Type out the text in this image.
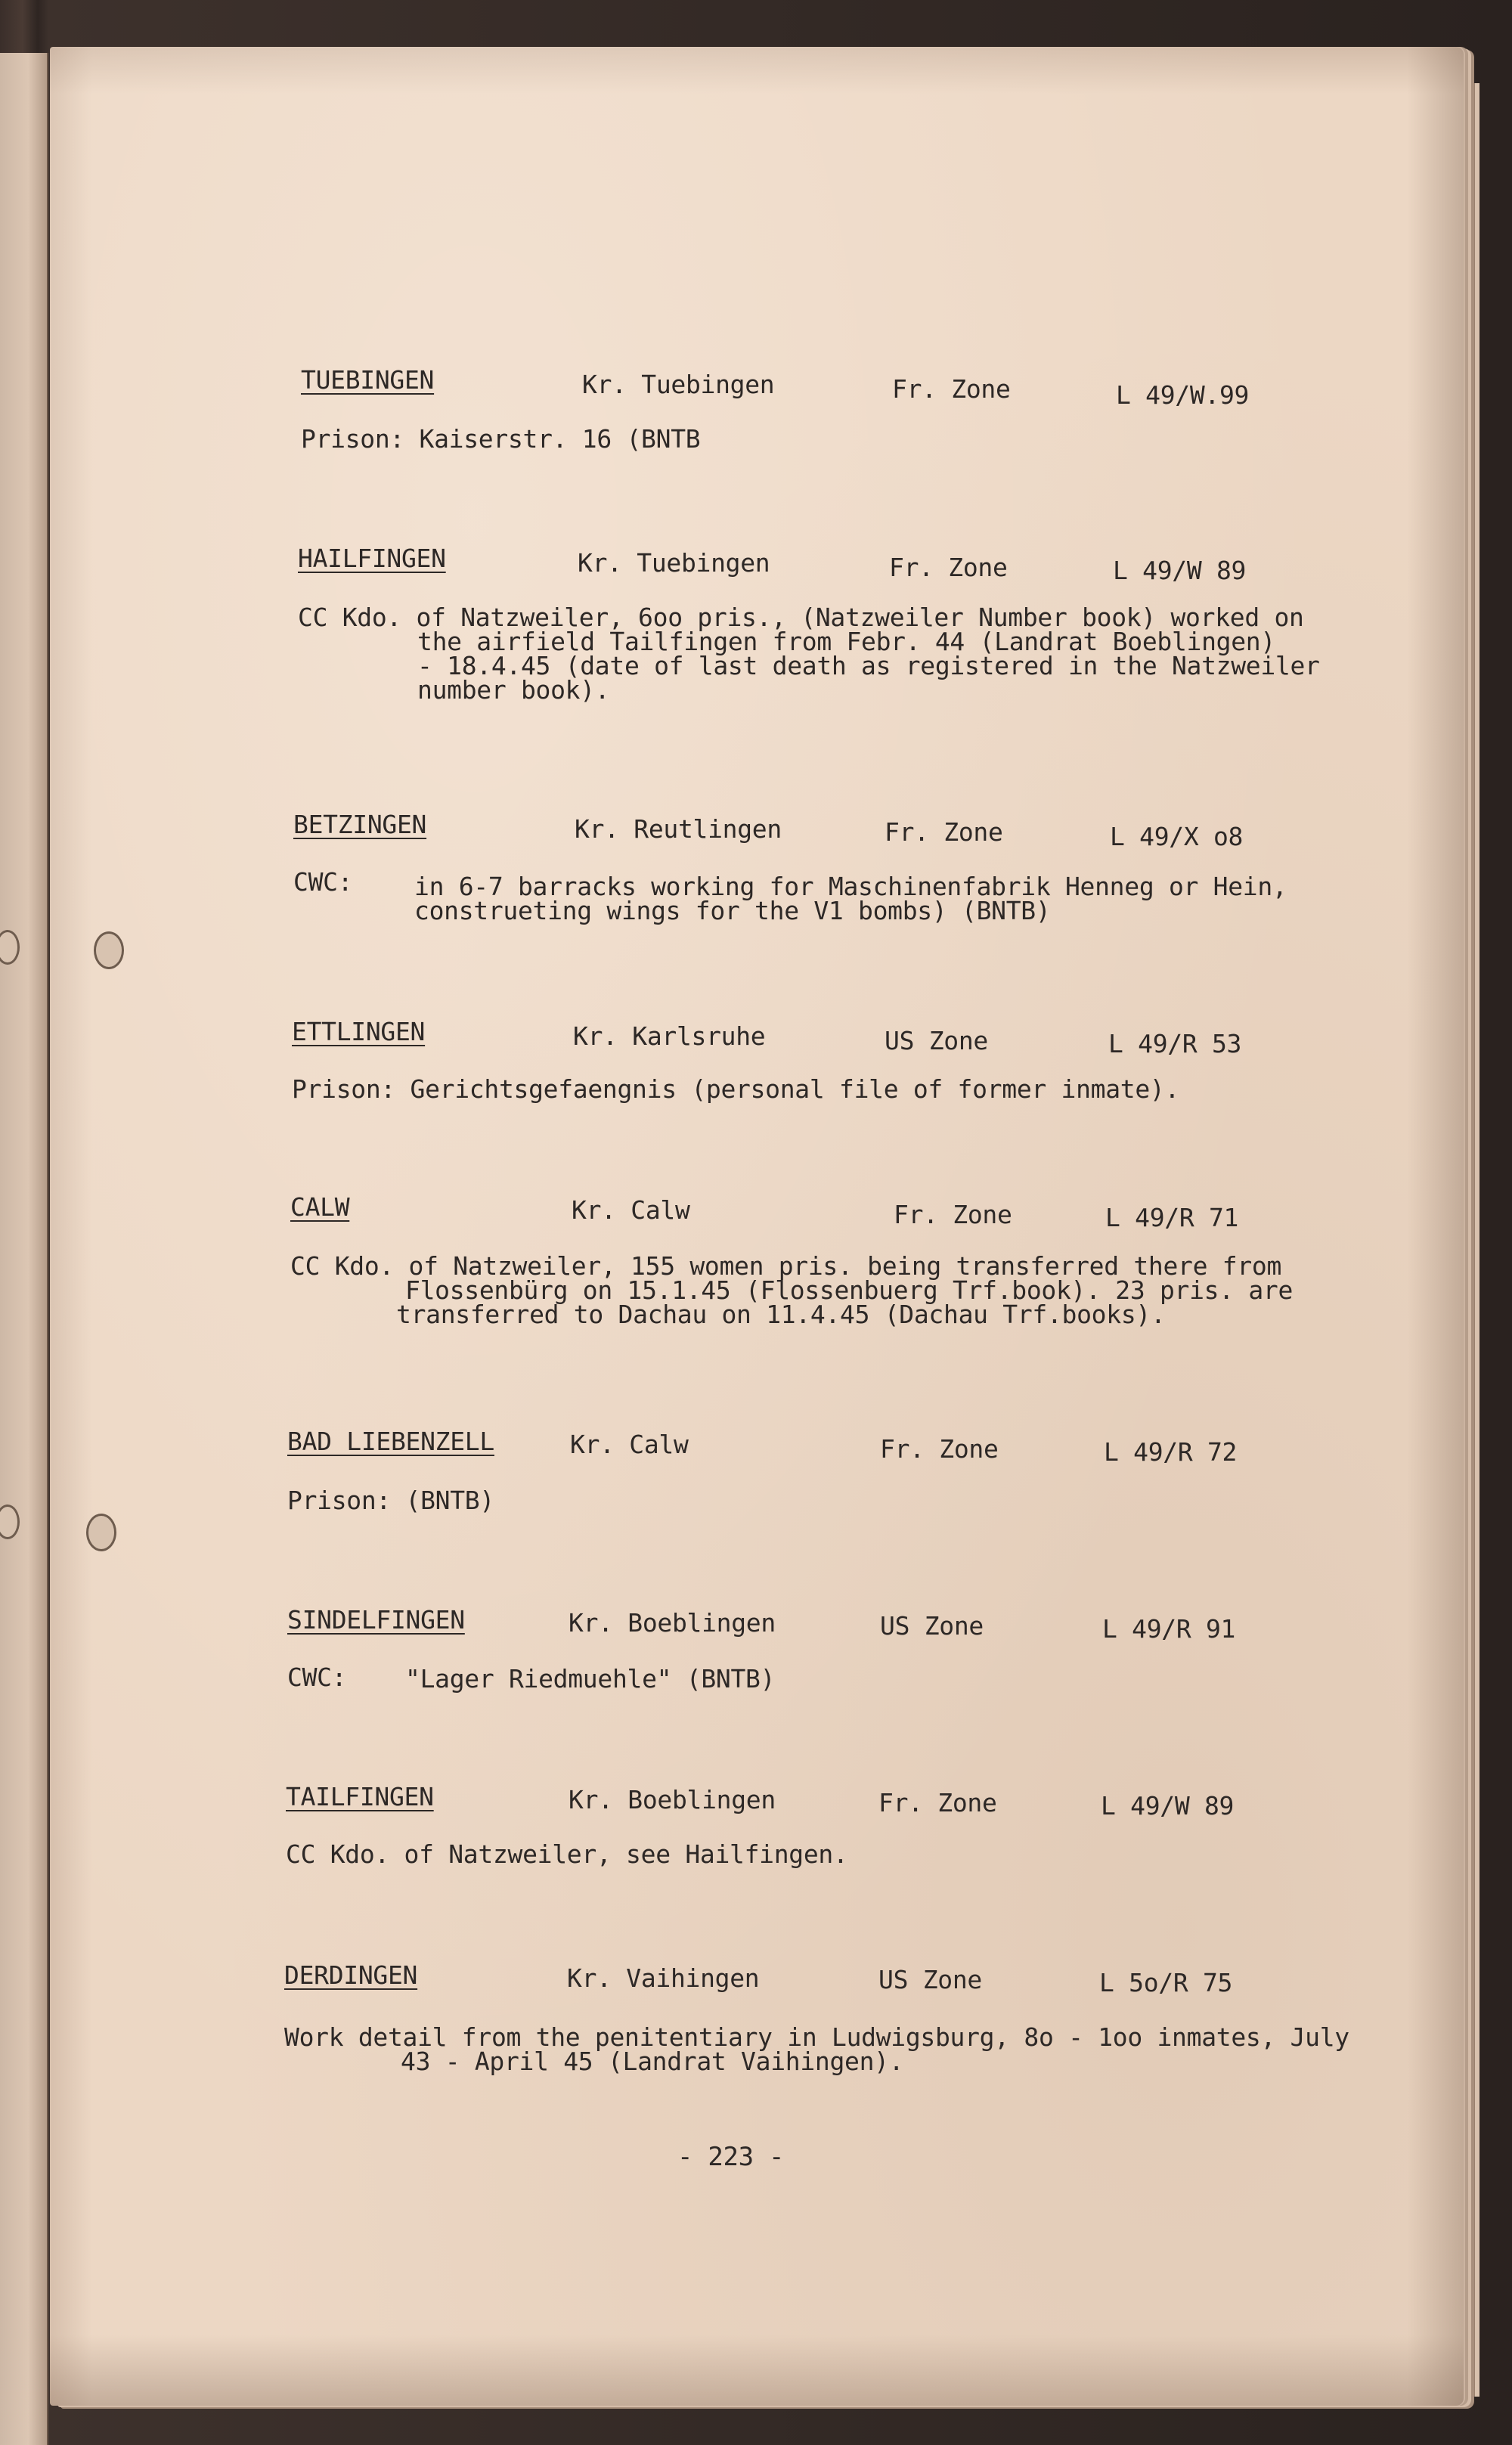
TUEBINGEN	Kr. Tuebingen	Fr. Zone	L 49/W.99
Prison: Kaiserstr. 16 (BNTB
HAILFINGEN	Kr. Tuebingen	Fr. Zone	L 49/W 89
CC Kdo. of Natzweiler, 6oo pris., (Natzweiler Number book) worked on
the airfield Tailfingen from Febr. 44 (Landrat Boeblingen)
- 18.4.45 (date of last death as registered in the Natzweiler
number book).
BETZINGEN	Kr. Reutlingen	Fr. Zone	L 49/X o8
CWC: in 6-7 barracks working for Maschinenfabrik Henneg or Hein,
construeting wings for the V1 bombs) (BNTB)
ETTLINGEN	Kr. Karlsruhe	US Zone	L 49/R 53
Prison: Gerichtsgefaengnis (personal file of former inmate).
CALW	Kr. Calw	Fr. Zone	L 49/R 71
CC Kdo. of Natzweiler, 155 women pris. being transferred there from
Flossenbürg on 15.1.45 (Flossenbuerg Trf.book). 23 pris. are
transferred to Dachau on 11.4.45 (Dachau Trf.books).
BAD LIEBENZELL	Kr. Calw	Fr. Zone	L 49/R 72
Prison: (BNTB)
SINDELFINGEN	Kr. Boeblingen	US Zone	L 49/R 91
CWC: "Lager Riedmuehle" (BNTB)
TAILFINGEN	Kr. Boeblingen	Fr. Zone	L 49/W 89
CC Kdo. of Natzweiler, see Hailfingen.
DERDINGEN	Kr. Vaihingen	US Zone	L 5o/R 75
Work detail from the penitentiary in Ludwigsburg, 8o - 1oo inmates, July
43 - April 45 (Landrat Vaihingen).
- 223 -
